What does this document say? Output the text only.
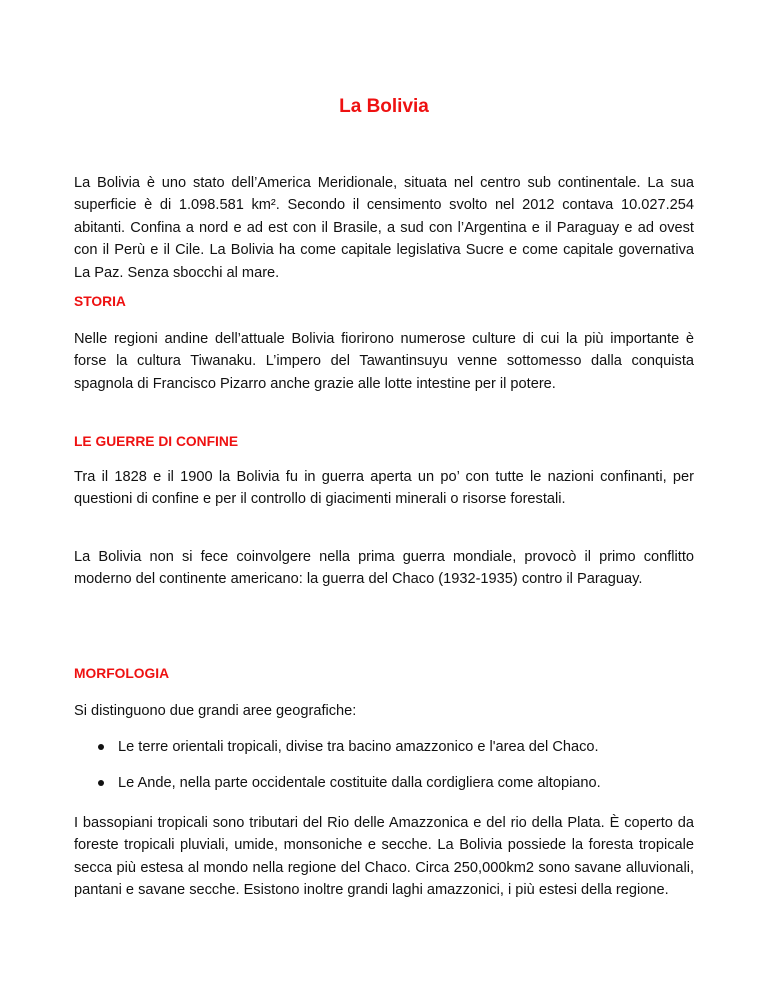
La Bolivia

La Bolivia è uno stato dell’America Meridionale, situata nel centro sub continentale. La sua superficie è di 1.098.581 km². Secondo il censimento svolto nel 2012 contava 10.027.254 abitanti. Confina a nord e ad est con il Brasile, a sud con l’Argentina e il Paraguay e ad ovest con il Perù e il Cile. La Bolivia ha come capitale legislativa Sucre e come capitale governativa La Paz. Senza sbocchi al mare.

STORIA

Nelle regioni andine dell’attuale Bolivia fiorirono numerose culture di cui la più importante è forse la cultura Tiwanaku. L’impero del Tawantinsuyu venne sottomesso dalla conquista spagnola di Francisco Pizarro anche grazie alle lotte intestine per il potere.

LE GUERRE DI CONFINE

Tra il 1828 e il 1900 la Bolivia fu in guerra aperta un po’ con tutte le nazioni confinanti, per questioni di confine e per il controllo di giacimenti minerali o risorse forestali.

La Bolivia non si fece coinvolgere nella prima guerra mondiale, provocò il primo conflitto moderno del continente americano: la guerra del Chaco (1932-1935) contro il Paraguay.

MORFOLOGIA

Si distinguono due grandi aree geografiche:

Le terre orientali tropicali, divise tra bacino amazzonico e l'area del Chaco.
Le Ande, nella parte occidentale costituite dalla cordigliera come altopiano.

I bassopiani tropicali sono tributari del Rio delle Amazzonica e del rio della Plata. È coperto da foreste tropicali pluviali, umide, monsoniche e secche. La Bolivia possiede la foresta tropicale secca più estesa al mondo nella regione del Chaco. Circa 250,000km2 sono savane alluvionali, pantani e savane secche. Esistono inoltre grandi laghi amazzonici, i più estesi della regione.
